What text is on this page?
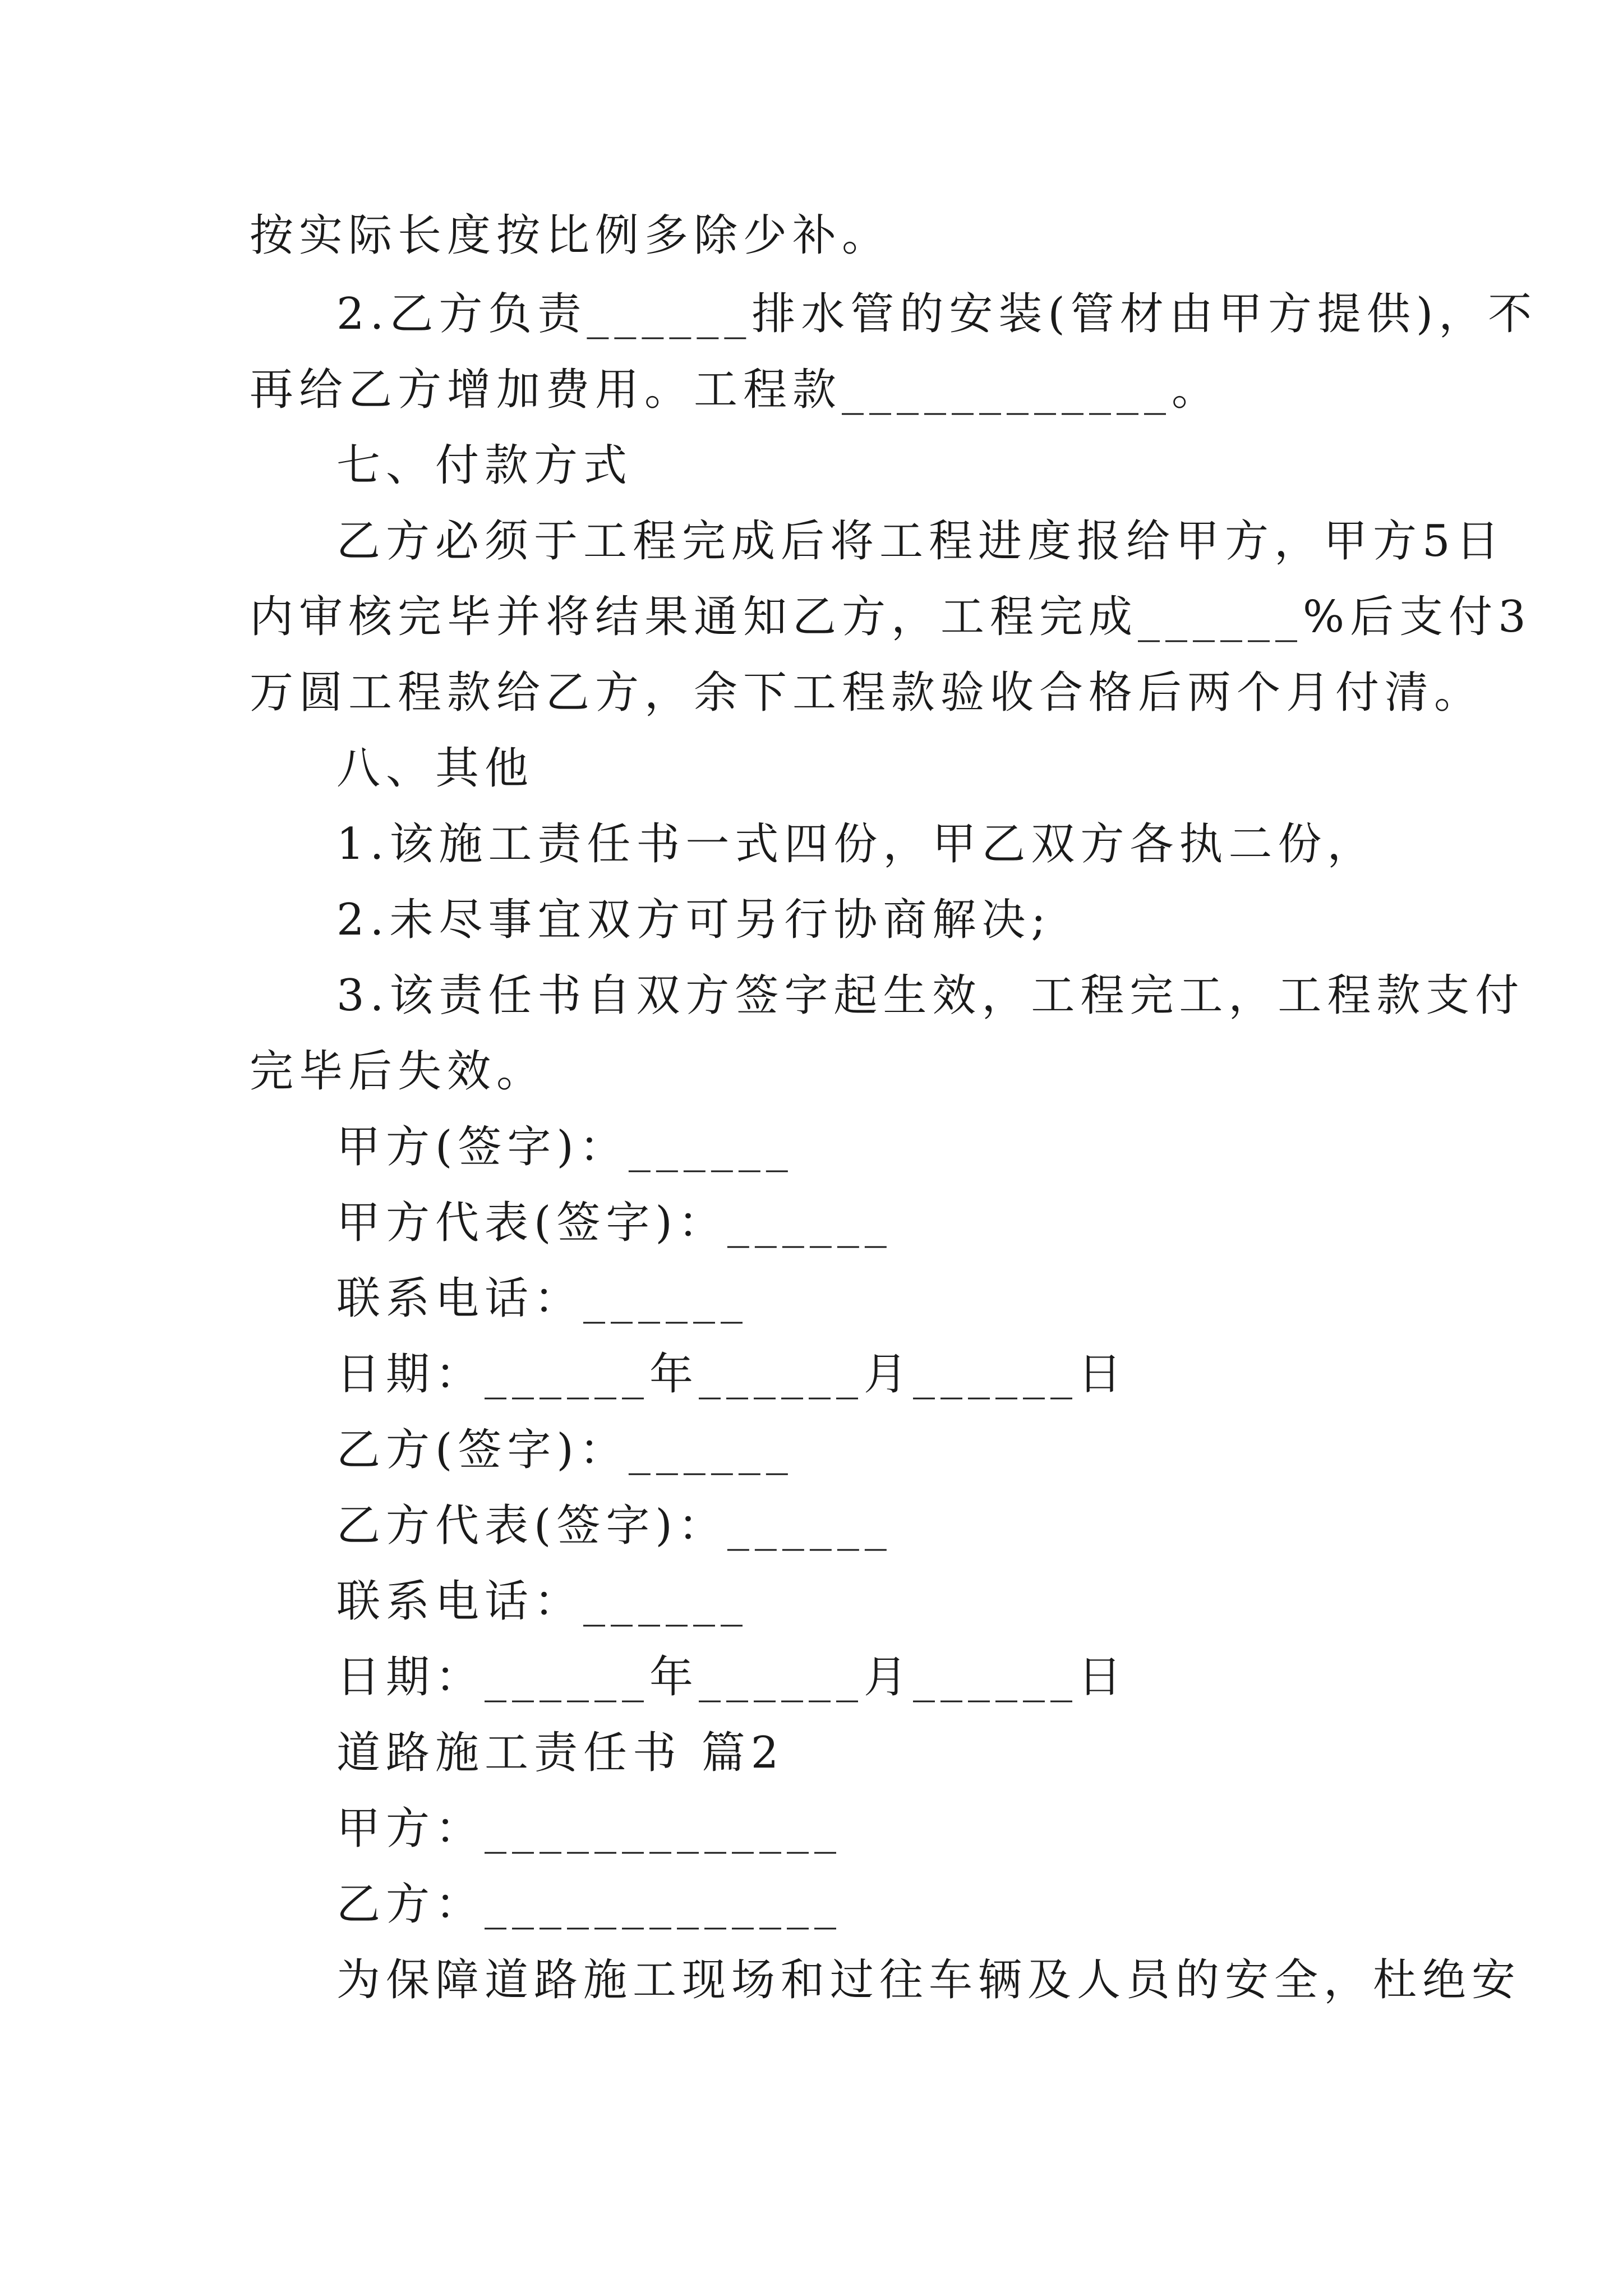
按实际长度按比例多除少补。

2.乙方负责______排水管的安装(管材由甲方提供)，不

再给乙方增加费用。工程款____________。

七、付款方式

乙方必须于工程完成后将工程进度报给甲方，甲方5日

内审核完毕并将结果通知乙方，工程完成______%后支付3

万圆工程款给乙方，余下工程款验收合格后两个月付清。

八、其他

1.该施工责任书一式四份，甲乙双方各执二份，

2.未尽事宜双方可另行协商解决;

3.该责任书自双方签字起生效，工程完工，工程款支付

完毕后失效。

甲方(签字)：______

甲方代表(签字)：______

联系电话：______

日期：______年______月______日

乙方(签字)：______

乙方代表(签字)：______

联系电话：______

日期：______年______月______日

道路施工责任书 篇2

甲方：_____________

乙方：_____________

为保障道路施工现场和过往车辆及人员的安全，杜绝安
